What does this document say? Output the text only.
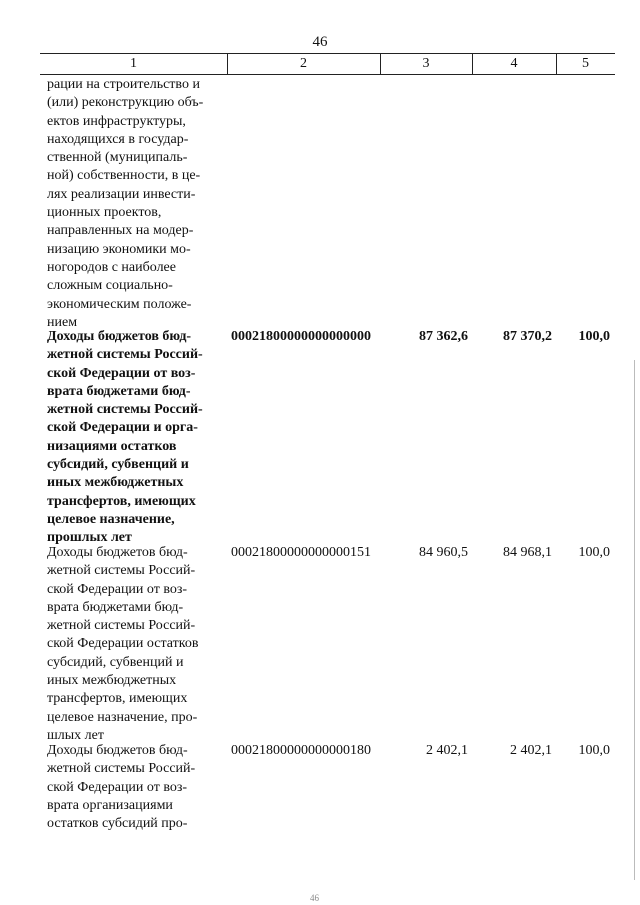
46
1	2	3	4	5
рации на строительство и
(или) реконструкцию объ-
ектов инфраструктуры,
находящихся в государ-
ственной (муниципаль-
ной) собственности, в це-
лях реализации инвести-
ционных проектов,
направленных на модер-
низацию экономики мо-
ногородов с наиболее
сложным социально-
экономическим положе-
нием
Доходы бюджетов бюд-
жетной системы Россий-
ской Федерации от воз-
врата бюджетами бюд-
жетной системы Россий-
ской Федерации и орга-
низациями остатков
субсидий, субвенций и
иных межбюджетных
трансфертов, имеющих
целевое назначение,
прошлых лет
00021800000000000000	87 362,6	87 370,2	100,0
Доходы бюджетов бюд-
жетной системы Россий-
ской Федерации от воз-
врата бюджетами бюд-
жетной системы Россий-
ской Федерации остатков
субсидий, субвенций и
иных межбюджетных
трансфертов, имеющих
целевое назначение, про-
шлых лет
00021800000000000151	84 960,5	84 968,1	100,0
Доходы бюджетов бюд-
жетной системы Россий-
ской Федерации от воз-
врата организациями
остатков субсидий про-
00021800000000000180	2 402,1	2 402,1	100,0
46
